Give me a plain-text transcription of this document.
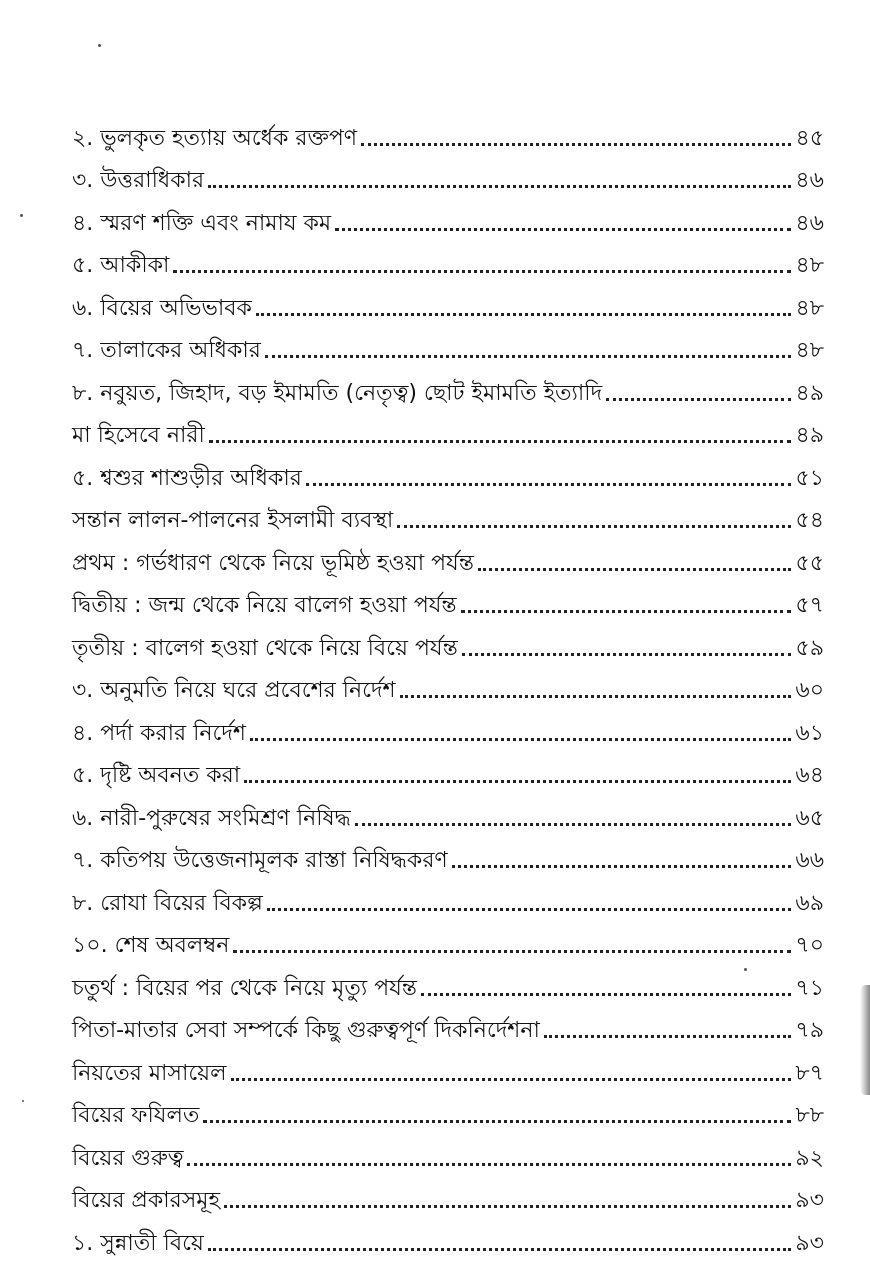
২. ভুলকৃত হত্যায় অর্ধেক রক্তপণ	৪৫
৩. উত্তরাধিকার	৪৬
৪. স্মরণ শক্তি এবং নামায কম	৪৬
৫. আকীকা	৪৮
৬. বিয়ের অভিভাবক	৪৮
৭. তালাকের অধিকার	৪৮
৮. নবুয়ত, জিহাদ, বড় ইমামতি (নেতৃত্ব) ছোট ইমামতি ইত্যাদি	৪৯
মা হিসেবে নারী	৪৯
৫. শ্বশুর শাশুড়ীর অধিকার	৫১
সন্তান লালন-পালনের ইসলামী ব্যবস্থা	৫৪
প্রথম : গর্ভধারণ থেকে নিয়ে ভূমিষ্ঠ হওয়া পর্যন্ত	৫৫
দ্বিতীয় : জন্ম থেকে নিয়ে বালেগ হওয়া পর্যন্ত	৫৭
তৃতীয় : বালেগ হওয়া থেকে নিয়ে বিয়ে পর্যন্ত	৫৯
৩. অনুমতি নিয়ে ঘরে প্রবেশের নির্দেশ	৬০
৪. পর্দা করার নির্দেশ	৬১
৫. দৃষ্টি অবনত করা	৬৪
৬. নারী-পুরুষের সংমিশ্রণ নিষিদ্ধ	৬৫
৭. কতিপয় উত্তেজনামূলক রাস্তা নিষিদ্ধকরণ	৬৬
৮. রোযা বিয়ের বিকল্প	৬৯
১০. শেষ অবলম্বন	৭০
চতুর্থ : বিয়ের পর থেকে নিয়ে মৃত্যু পর্যন্ত	৭১
পিতা-মাতার সেবা সম্পর্কে কিছু গুরুত্বপূর্ণ দিকনির্দেশনা	৭৯
নিয়তের মাসায়েল	৮৭
বিয়ের ফযিলত	৮৮
বিয়ের গুরুত্ব	৯২
বিয়ের প্রকারসমূহ	৯৩
১. সুন্নাতী বিয়ে	৯৩
